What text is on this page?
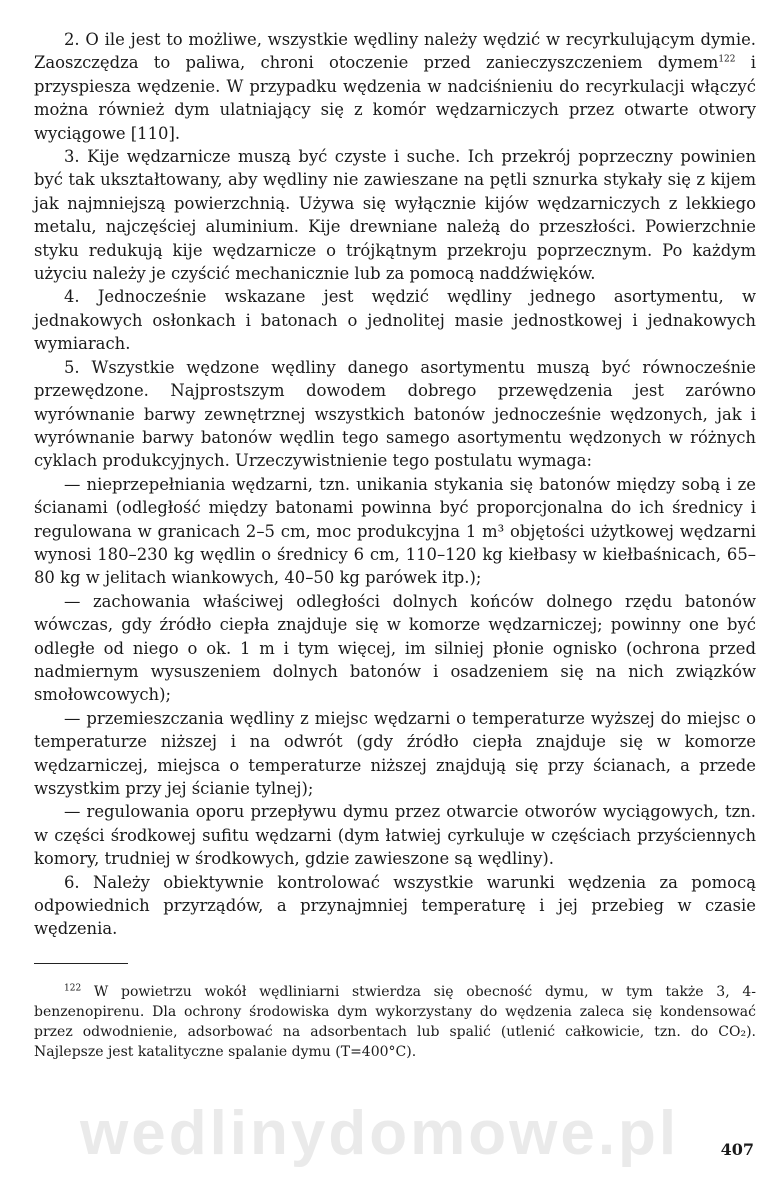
2. O ile jest to możliwe, wszystkie wędliny należy wędzić w recyrkulującym dymie. Zaoszczędza to paliwa, chroni otoczenie przed zanieczyszczeniem dymem$^{122}$ i przyspiesza wędzenie. W przypadku wędzenia w nadciśnieniu do recyrkulacji włączyć można również dym ulatniający się z komór wędzarniczych przez otwarte otwory wyciągowe [110].

3. Kije wędzarnicze muszą być czyste i suche. Ich przekrój poprzeczny powinien być tak ukształtowany, aby wędliny nie zawieszane na pętli sznurka stykały się z kijem jak najmniejszą powierzchnią. Używa się wyłącznie kijów wędzarniczych z lekkiego metalu, najczęściej aluminium. Kije drewniane należą do przeszłości. Powierzchnie styku redukują kije wędzarnicze o trójkątnym przekroju poprzecznym. Po każdym użyciu należy je czyścić mechanicznie lub za pomocą naddźwięków.

4. Jednocześnie wskazane jest wędzić wędliny jednego asortymentu, w jednakowych osłonkach i batonach o jednolitej masie jednostkowej i jednakowych wymiarach.

5. Wszystkie wędzone wędliny danego asortymentu muszą być równocześnie przewędzone. Najprostszym dowodem dobrego przewędzenia jest zarówno wyrównanie barwy zewnętrznej wszystkich batonów jednocześnie wędzonych, jak i wyrównanie barwy batonów wędlin tego samego asortymentu wędzonych w różnych cyklach produkcyjnych. Urzeczywistnienie tego postulatu wymaga:

— nieprzepełniania wędzarni, tzn. unikania stykania się batonów między sobą i ze ścianami (odległość między batonami powinna być proporcjonalna do ich średnicy i regulowana w granicach 2–5 cm, moc produkcyjna 1 m³ objętości użytkowej wędzarni wynosi 180–230 kg wędlin o średnicy 6 cm, 110–120 kg kiełbasy w kiełbaśnicach, 65–80 kg w jelitach wiankowych, 40–50 kg parówek itp.);

— zachowania właściwej odległości dolnych końców dolnego rzędu batonów wówczas, gdy źródło ciepła znajduje się w komorze wędzarniczej; powinny one być odległe od niego o ok. 1 m i tym więcej, im silniej płonie ognisko (ochrona przed nadmiernym wysuszeniem dolnych batonów i osadzeniem się na nich związków smołowcowych);

— przemieszczania wędliny z miejsc wędzarni o temperaturze wyższej do miejsc o temperaturze niższej i na odwrót (gdy źródło ciepła znajduje się w komorze wędzarniczej, miejsca o temperaturze niższej znajdują się przy ścianach, a przede wszystkim przy jej ścianie tylnej);

— regulowania oporu przepływu dymu przez otwarcie otworów wyciągowych, tzn. w części środkowej sufitu wędzarni (dym łatwiej cyrkuluje w częściach przyściennych komory, trudniej w środkowych, gdzie zawieszone są wędliny).

6. Należy obiektywnie kontrolować wszystkie warunki wędzenia za pomocą odpowiednich przyrządów, a przynajmniej temperaturę i jej przebieg w czasie wędzenia.

$^{122}$ W powietrzu wokół wędliniarni stwierdza się obecność dymu, w tym także 3, 4-benzenopirenu. Dla ochrony środowiska dym wykorzystany do wędzenia zaleca się kondensować przez odwodnienie, adsorbować na adsorbentach lub spalić (utlenić całkowicie, tzn. do CO₂). Najlepsze jest katalityczne spalanie dymu (T=400°C).

wedlinydomowe.pl	407
